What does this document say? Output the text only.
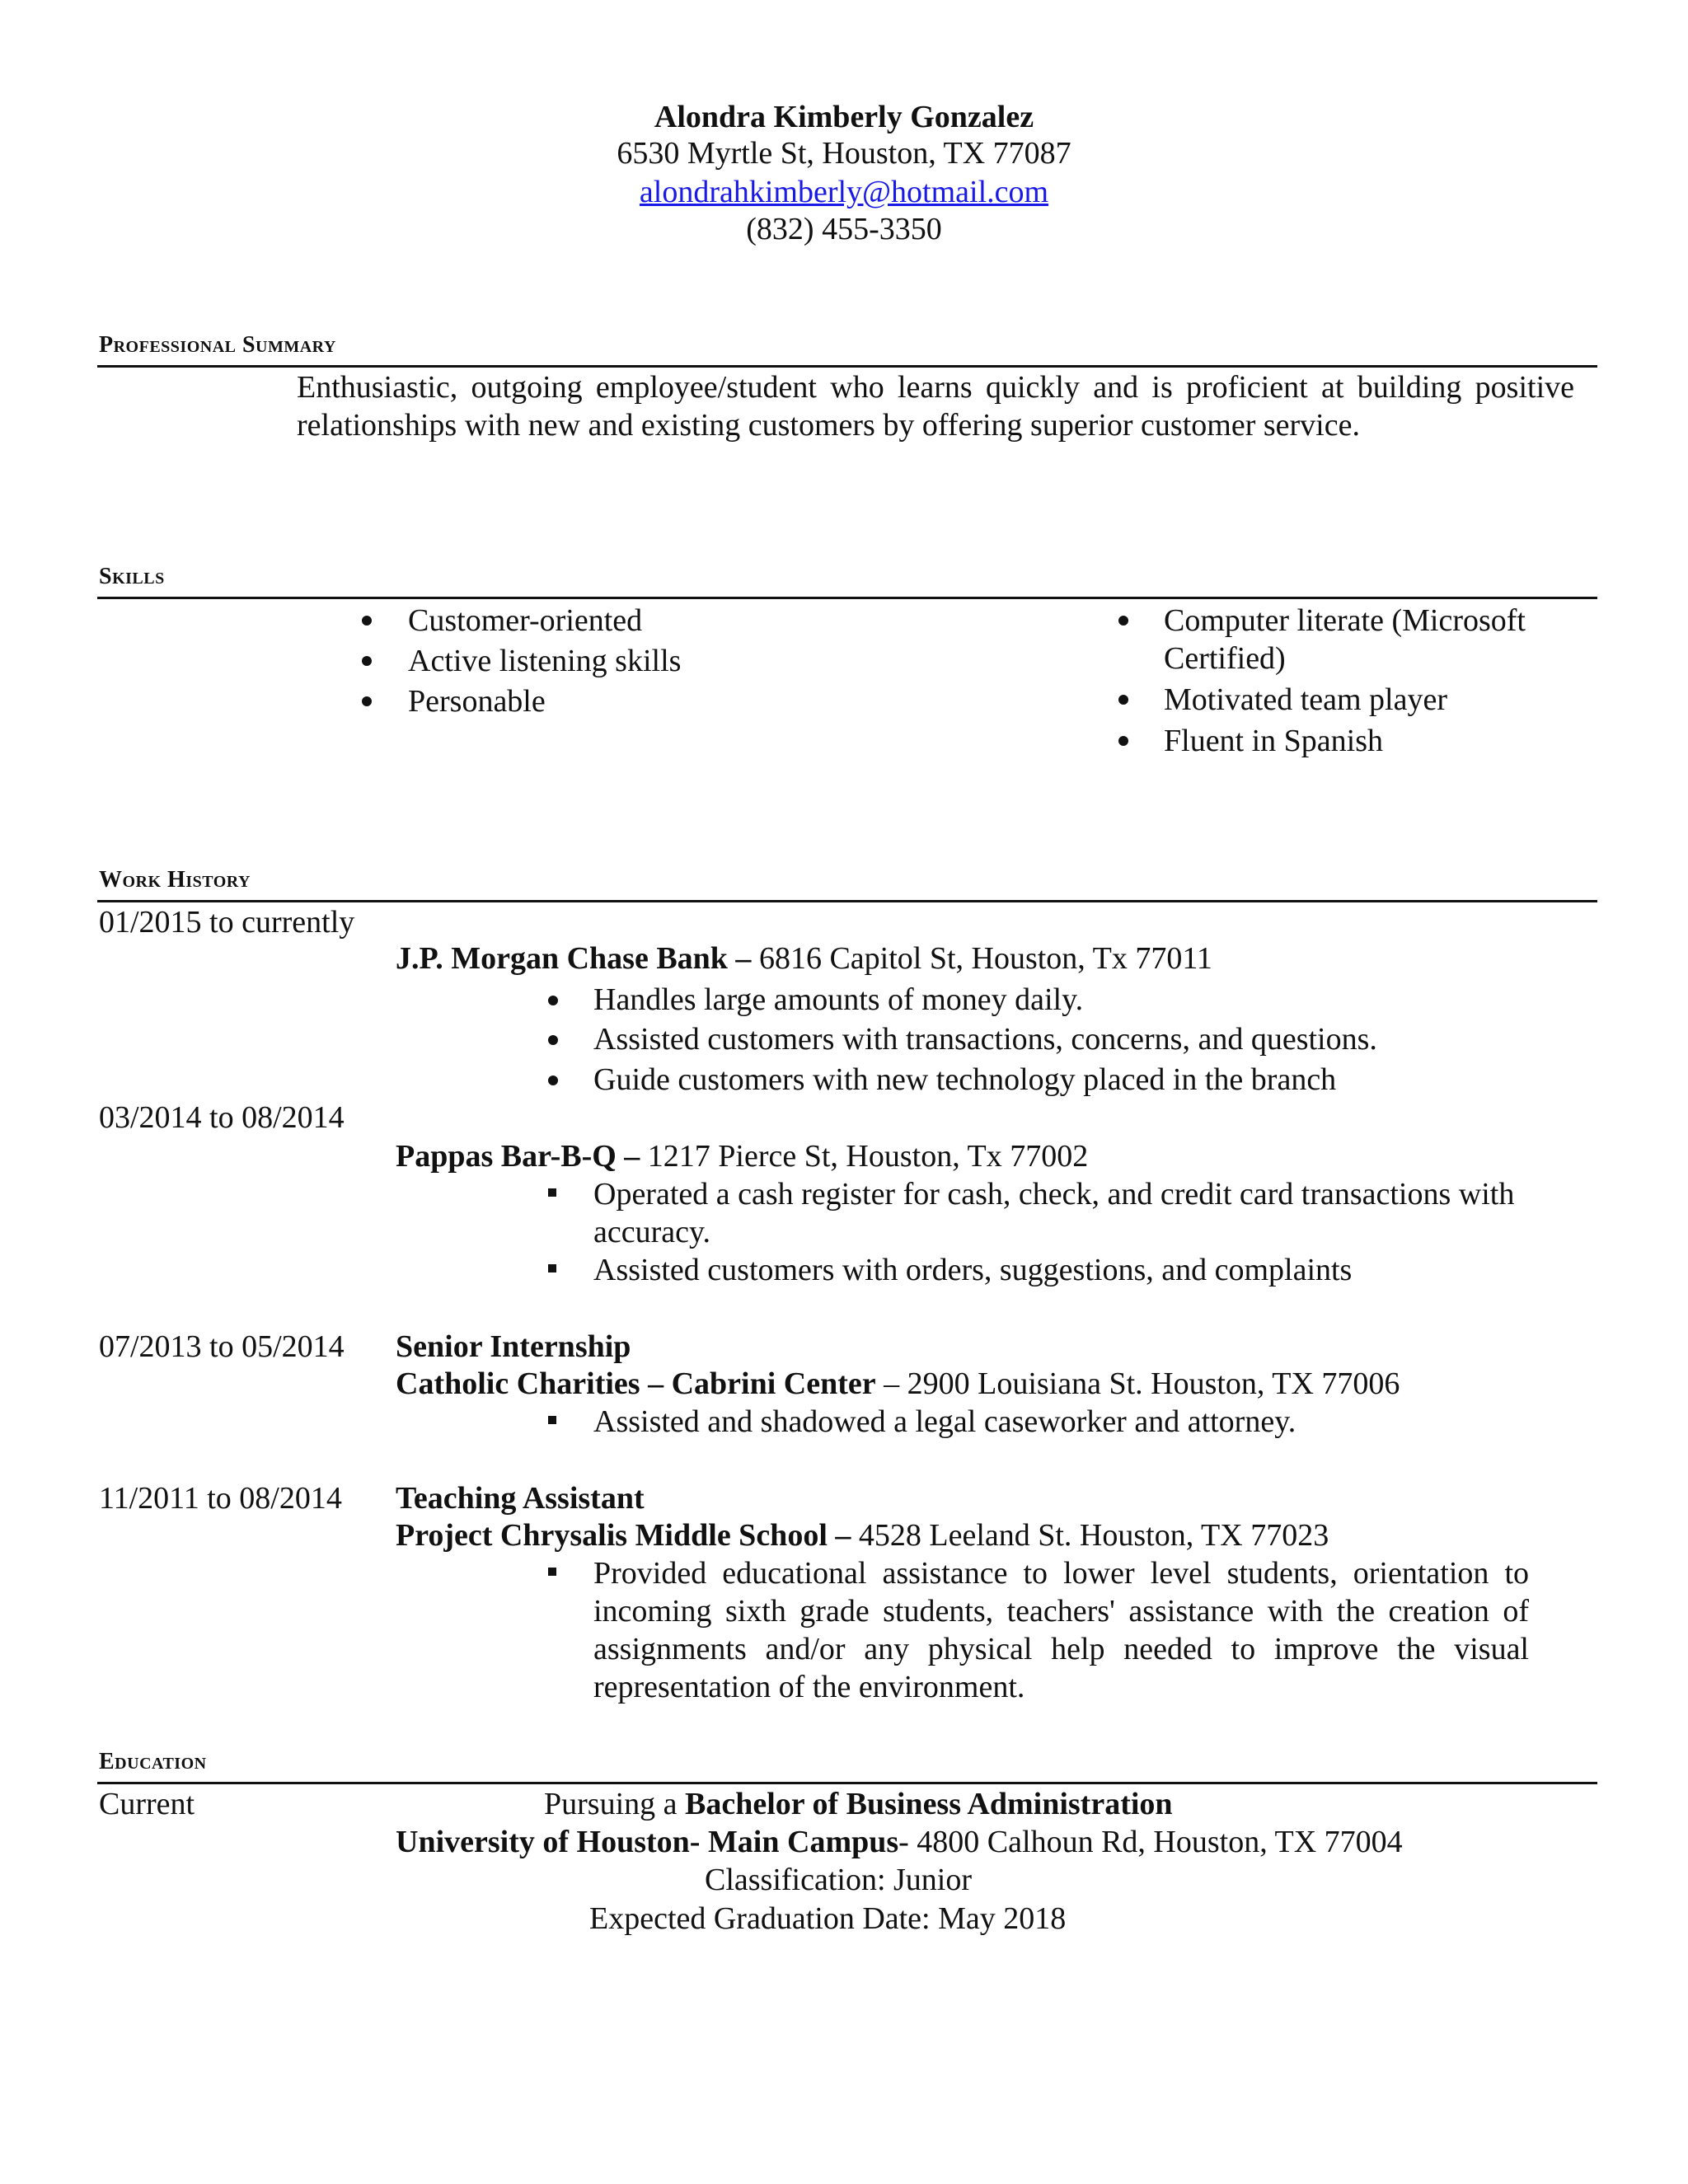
Alondra Kimberly Gonzalez
6530 Myrtle St, Houston, TX 77087
alondrahkimberly@hotmail.com
(832) 455-3350
Professional Summary
Enthusiastic, outgoing employee/student who learns quickly and is proficient at building positive relationships with new and existing customers by offering superior customer service.
Skills
Customer-oriented
Active listening skills
Personable
Computer literate (Microsoft Certified)
Motivated team player
Fluent in Spanish
Work History
01/2015 to currently
J.P. Morgan Chase Bank – 6816 Capitol St, Houston, Tx 77011
Handles large amounts of money daily.
Assisted customers with transactions, concerns, and questions.
Guide customers with new technology placed in the branch
03/2014 to 08/2014
Pappas Bar-B-Q – 1217 Pierce St, Houston, Tx 77002
Operated a cash register for cash, check, and credit card transactions with accuracy.
Assisted customers with orders, suggestions, and complaints
07/2013 to 05/2014 Senior Internship
Catholic Charities – Cabrini Center – 2900 Louisiana St. Houston, TX 77006
Assisted and shadowed a legal caseworker and attorney.
11/2011 to 08/2014 Teaching Assistant
Project Chrysalis Middle School – 4528 Leeland St. Houston, TX 77023
Provided educational assistance to lower level students, orientation to incoming sixth grade students, teachers' assistance with the creation of assignments and/or any physical help needed to improve the visual representation of the environment.
Education
Current	Pursuing a Bachelor of Business Administration
University of Houston- Main Campus- 4800 Calhoun Rd, Houston, TX 77004
Classification: Junior
Expected Graduation Date: May 2018
